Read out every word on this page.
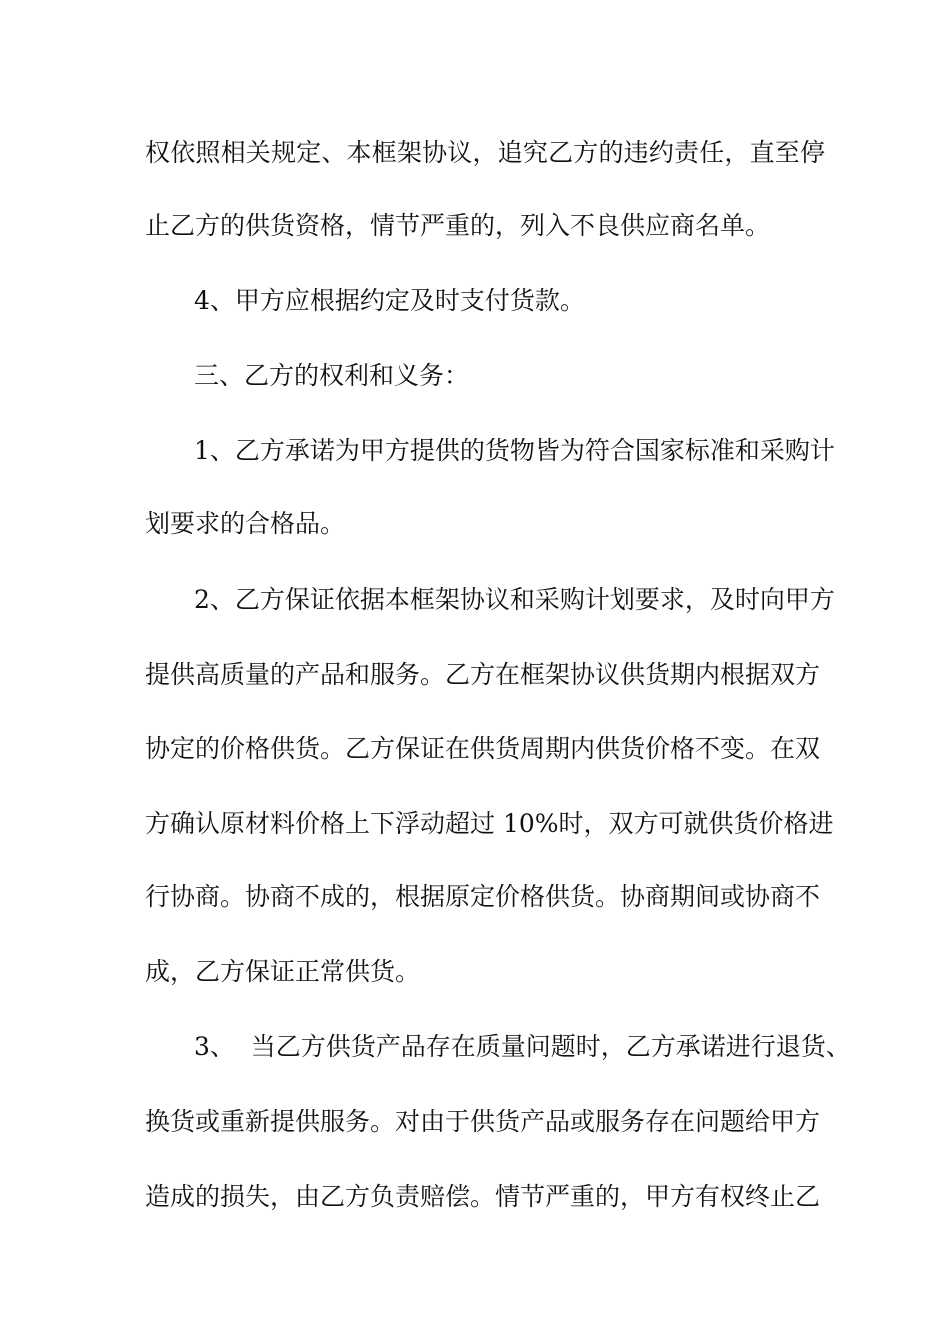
权依照相关规定、本框架协议，追究乙方的违约责任，直至停
止乙方的供货资格，情节严重的，列入不良供应商名单。
4、甲方应根据约定及时支付货款。
三、乙方的权利和义务：
1、乙方承诺为甲方提供的货物皆为符合国家标准和采购计
划要求的合格品。
2、乙方保证依据本框架协议和采购计划要求，及时向甲方
提供高质量的产品和服务。乙方在框架协议供货期内根据双方
协定的价格供货。乙方保证在供货周期内供货价格不变。在双
方确认原材料价格上下浮动超过 10%时，双方可就供货价格进
行协商。协商不成的，根据原定价格供货。协商期间或协商不
成，乙方保证正常供货。
3、  当乙方供货产品存在质量问题时，乙方承诺进行退货、
换货或重新提供服务。对由于供货产品或服务存在问题给甲方
造成的损失，由乙方负责赔偿。情节严重的，甲方有权终止乙
